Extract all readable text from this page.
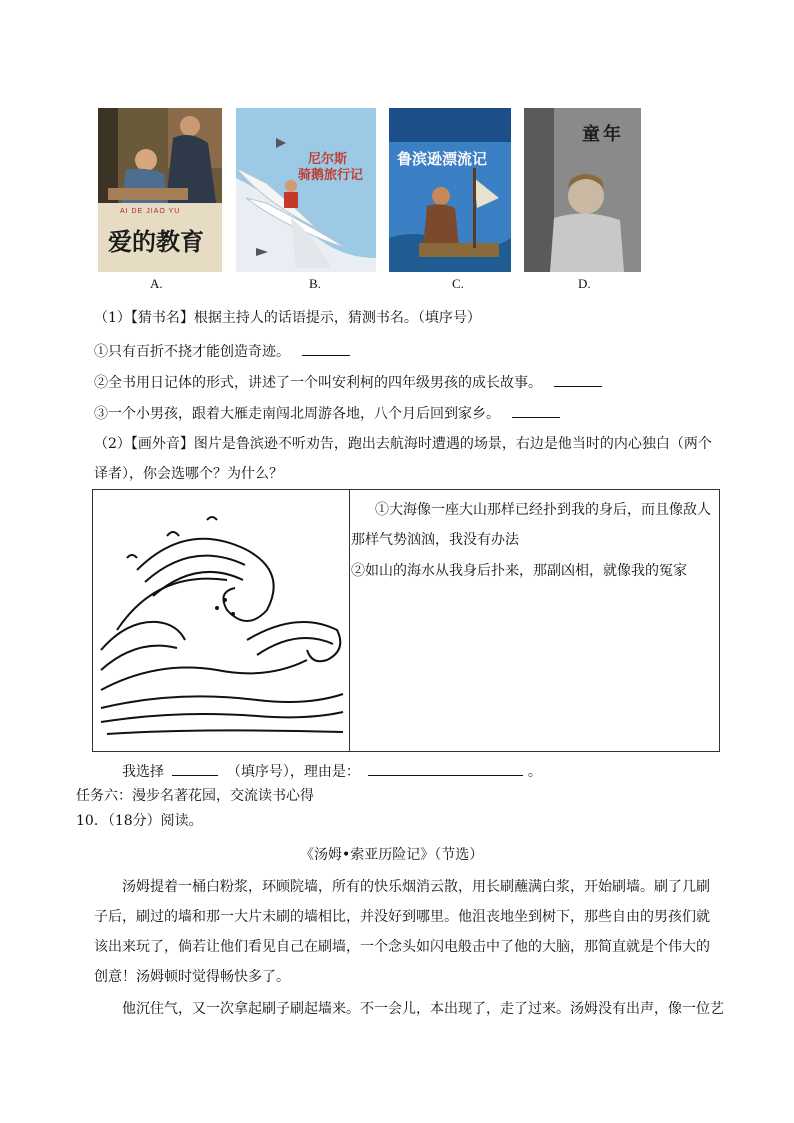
AI DE JIAO YU
爱的教育
尼尔斯
骑鹅旅行记
鲁滨逊漂流记
童年
A.	B.	C.	D.
（1）【猜书名】根据主持人的话语提示，猜测书名。（填序号）
①只有百折不挠才能创造奇迹。
②全书用日记体的形式，讲述了一个叫安利柯的四年级男孩的成长故事。
③一个小男孩，跟着大雁走南闯北周游各地，八个月后回到家乡。
（2）【画外音】图片是鲁滨逊不听劝告，跑出去航海时遭遇的场景，右边是他当时的内心独白（两个
译者），你会选哪个？为什么？
①大海像一座大山那样已经扑到我的身后，而且像敌人
那样气势汹汹，我没有办法
②如山的海水从我身后扑来，那副凶相，就像我的冤家
我选择	（填序号），理由是：	。
任务六：漫步名著花园，交流读书心得
10．（18分）阅读。
《汤姆•索亚历险记》（节选）
汤姆提着一桶白粉浆，环顾院墙，所有的快乐烟消云散，用长刷蘸满白浆，开始刷墙。刷了几刷子后，刷过的墙和那一大片未刷的墙相比，并没好到哪里。他沮丧地坐到树下，那些自由的男孩们就该出来玩了，倘若让他们看见自己在刷墙，一个念头如闪电般击中了他的大脑，那简直就是个伟大的创意！汤姆顿时觉得畅快多了。
他沉住气，又一次拿起刷子刷起墙来。不一会儿，本出现了，走了过来。汤姆没有出声，像一位艺
